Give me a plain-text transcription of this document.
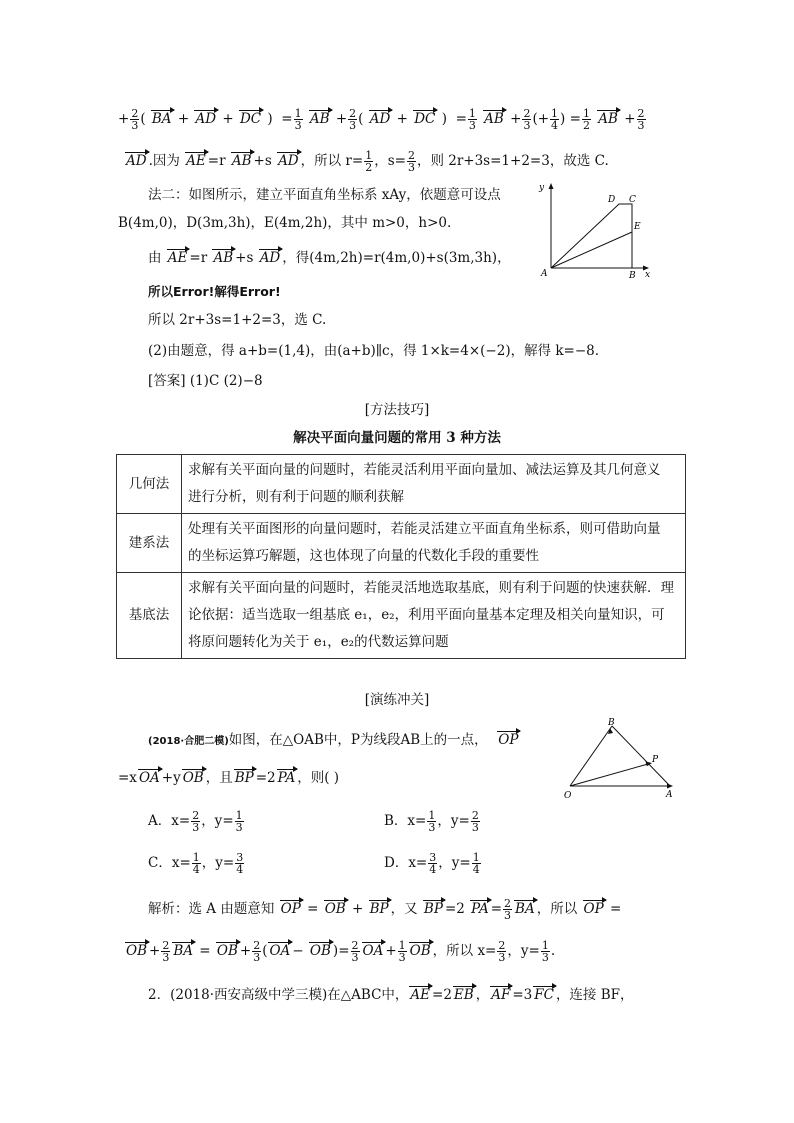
+ $\frac{2}{3}$ ( BA + AD + DC ) = $\frac{1}{3}$ AB + $\frac{2}{3}$ ( AD + DC ) = $\frac{1}{3}$ AB + $\frac{2}{3}$ (+ $\frac{1}{4}$ ) = $\frac{1}{2}$ AB + $\frac{2}{3}$
AD .因为 AE =r AB +s AD ，所以 $r= \frac{1}{2}$ ，$s= \frac{2}{3}$ ，则 2r+3s=1+2=3，故选 C.
法二：如图所示，建立平面直角坐标系 xAy，依题意可设点
B(4m,0)，D(3m,3h)，E(4m,2h)，其中 m>0，h>0.
由 AE =r AB +s AD ，得(4m,2h)=r(4m,0)+s(3m,3h)，
所以Error!解得Error!
所以 2r+3s=1+2=3，选 C.
(2)由题意，得 a+b=(1,4)，由(a+b)∥c，得 1×k=4×(−2)，解得 k=−8.
[答案] (1)C (2)−8
y
D C
E
A	B x
[方法技巧]
解决平面向量问题的常用 3 种方法
几何法	求解有关平面向量的问题时，若能灵活利用平面向量加、减法运算及其几何意义
进行分析，则有利于问题的顺利获解

建系法	处理有关平面图形的向量问题时，若能灵活建立平面直角坐标系，则可借助向量
的坐标运算巧解题，这也体现了向量的代数化手段的重要性

基底法	求解有关平面向量的问题时，若能灵活地选取基底，则有利于问题的快速获解．理
论依据：适当选取一组基底 e₁，e₂，利用平面向量基本定理及相关向量知识，可
将原问题转化为关于 e₁，e₂的代数运算问题
[演练冲关]
(2018·合肥二模)如图，在△OAB中，P为线段AB上的一点， OP
=x OA +y OB ，且 BP =2 PA ，则( )
A．$x= \frac{2}{3}$ ，$y= \frac{1}{3}$	B．$x= \frac{1}{3}$ ，$y= \frac{2}{3}$
C．$x= \frac{1}{4}$ ，$y= \frac{3}{4}$	D．$x= \frac{3}{4}$ ，$y= \frac{1}{4}$
B
P
O	A
解析：选 A 由题意知 OP = OB + BP ，又 BP =2 PA = $\frac{2}{3}$ BA ，所以 OP =
OB + $\frac{2}{3}$ BA = OB + $\frac{2}{3}$ ( OA − OB )= $\frac{2}{3}$ OA + $\frac{1}{3}$ OB ，所以 $x= \frac{2}{3}$ ，$y= \frac{1}{3}$ .
2．(2018·西安高级中学三模)在△ABC中， AE =2 EB ， AF =3 FC ，连接 BF，
